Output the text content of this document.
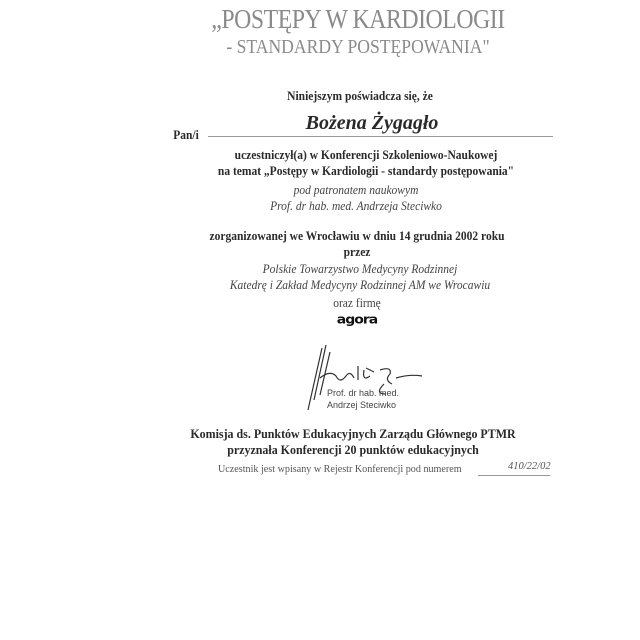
„POSTĘPY W KARDIOLOGII
- STANDARDY POSTĘPOWANIA"
Niniejszym poświadcza się, że
Pan/i
Bożena Żygagło
uczestniczył(a) w Konferencji Szkoleniowo-Naukowej
na temat „Postępy w Kardiologii - standardy postępowania"
pod patronatem naukowym
Prof. dr hab. med. Andrzeja Steciwko
zorganizowanej we Wrocławiu w dniu 14 grudnia 2002 roku
przez
Polskie Towarzystwo Medycyny Rodzinnej
Katedrę i Zakład Medycyny Rodzinnej AM we Wrocawiu
oraz firmę
agora
Prof. dr hab. med.
Andrzej Steciwko
Komisja ds. Punktów Edukacyjnych Zarządu Głównego PTMR
przyznała Konferencji 20 punktów edukacyjnych
Uczestnik jest wpisany w Rejestr Konferencji pod numerem	410/22/02
